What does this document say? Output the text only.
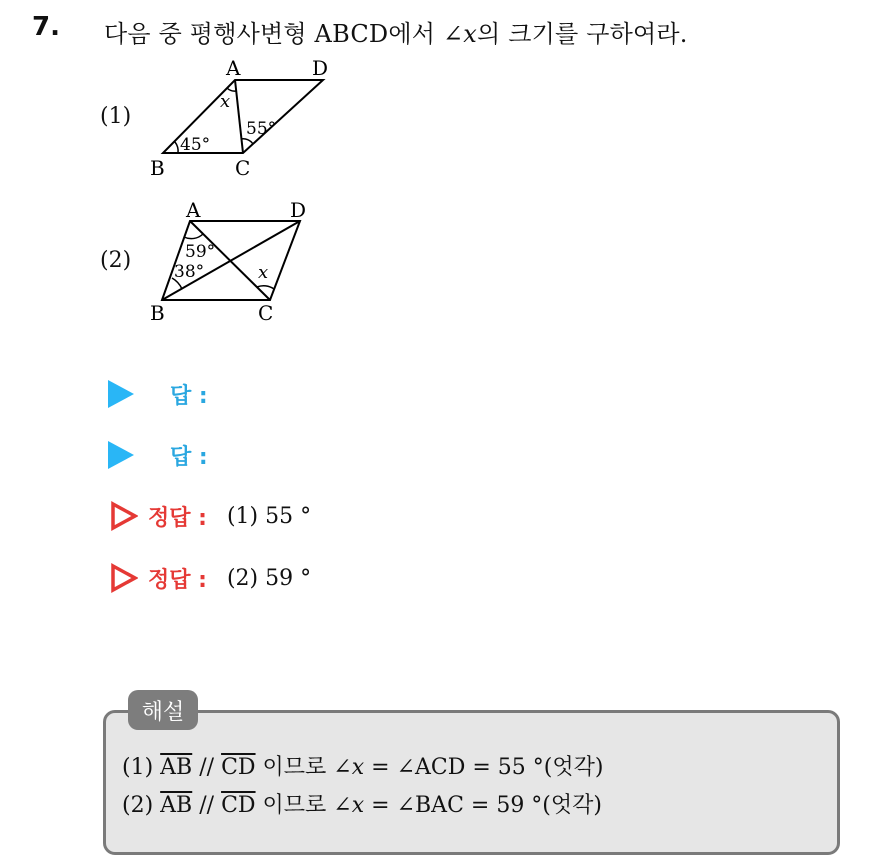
7. 다음 중 평행사변형 ABCD에서 ∠x의 크기를 구하여라.
(1)
A	D
B	C
x
45°
55°
(2)
A	D
B	C
59°
38°	x
답 :
답 :
정답 : (1) 55 °
정답 : (2) 59 °
해설
(1) $\overline{AB} // \overline{CD}$ 이므로 ∠x = ∠ACD = 55 °(엇각)
(2) $\overline{AB} // \overline{CD}$ 이므로 ∠x = ∠BAC = 59 °(엇각)
